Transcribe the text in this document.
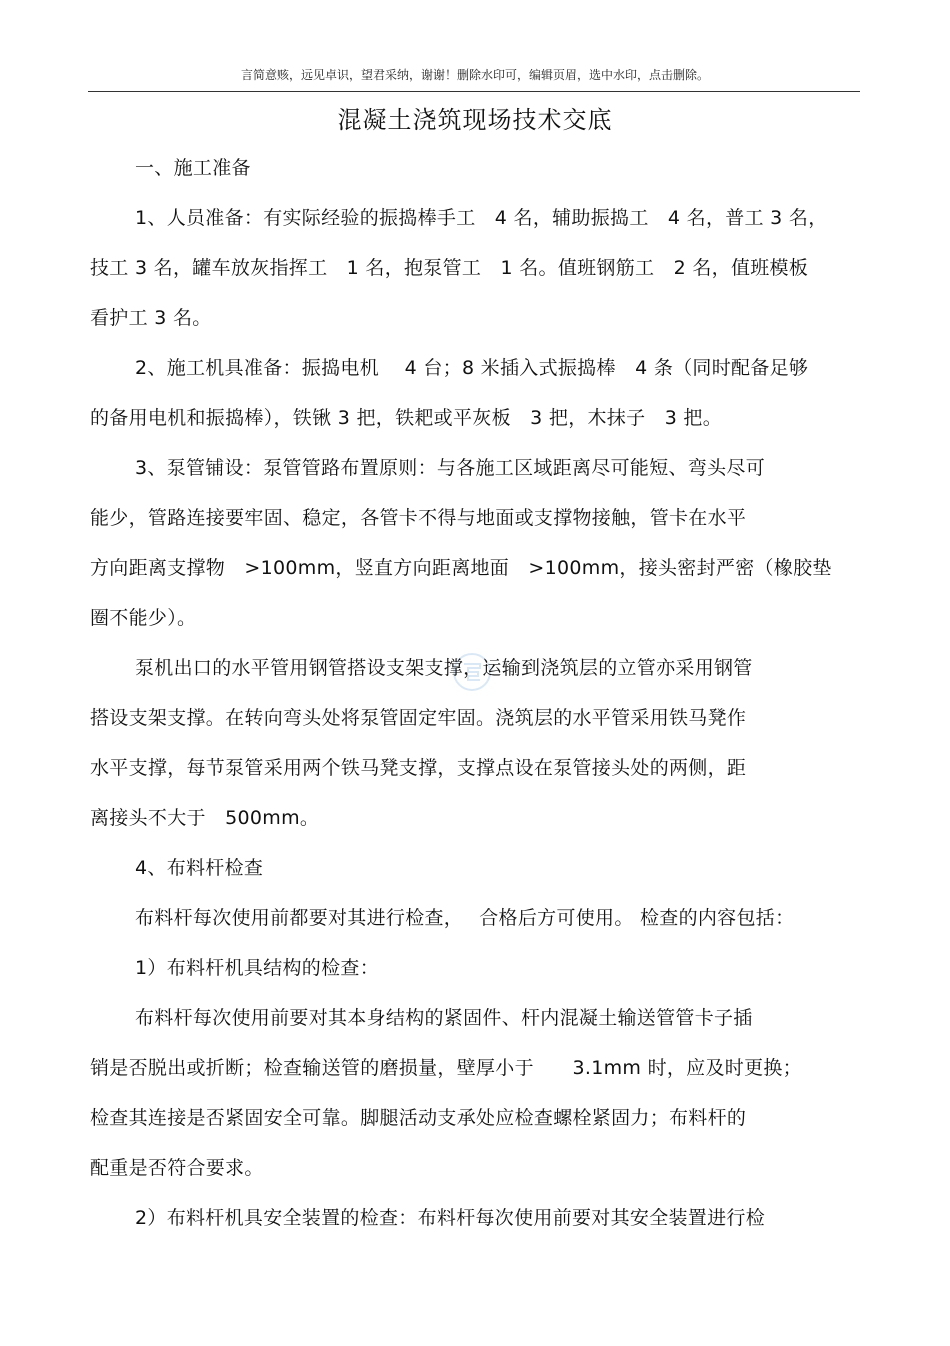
言简意赅，远见卓识，望君采纳，谢谢！删除水印可，编辑页眉，选中水印，点击删除。
混凝土浇筑现场技术交底
一、施工准备
1、人员准备：有实际经验的振捣棒手工　4 名，辅助振捣工　4 名，普工 3 名，
技工 3 名，罐车放灰指挥工　1 名，抱泵管工　1 名。值班钢筋工　2 名，值班模板
看护工 3 名。
2、施工机具准备：振捣电机　 4 台；8 米插入式振捣棒　4 条（同时配备足够
的备用电机和振捣棒），铁锹 3 把，铁耙或平灰板　3 把，木抹子　3 把。
3、泵管铺设：泵管管路布置原则：与各施工区域距离尽可能短、弯头尽可
能少，管路连接要牢固、稳定，各管卡不得与地面或支撑物接触，管卡在水平
方向距离支撑物　>100mm，竖直方向距离地面　>100mm，接头密封严密（橡胶垫
圈不能少）。
泵机出口的水平管用钢管搭设支架支撑，运输到浇筑层的立管亦采用钢管
搭设支架支撑。在转向弯头处将泵管固定牢固。浇筑层的水平管采用铁马凳作
水平支撑，每节泵管采用两个铁马凳支撑，支撑点设在泵管接头处的两侧，距
离接头不大于　500mm。
4、布料杆检查
布料杆每次使用前都要对其进行检查，　 合格后方可使用。 检查的内容包括：
1）布料杆机具结构的检查：
布料杆每次使用前要对其本身结构的紧固件、杆内混凝土输送管管卡子插
销是否脱出或折断；检查输送管的磨损量，壁厚小于　　3.1mm 时，应及时更换；
检查其连接是否紧固安全可靠。脚腿活动支承处应检查螺栓紧固力；布料杆的
配重是否符合要求。
2）布料杆机具安全装置的检查：布料杆每次使用前要对其安全装置进行检
